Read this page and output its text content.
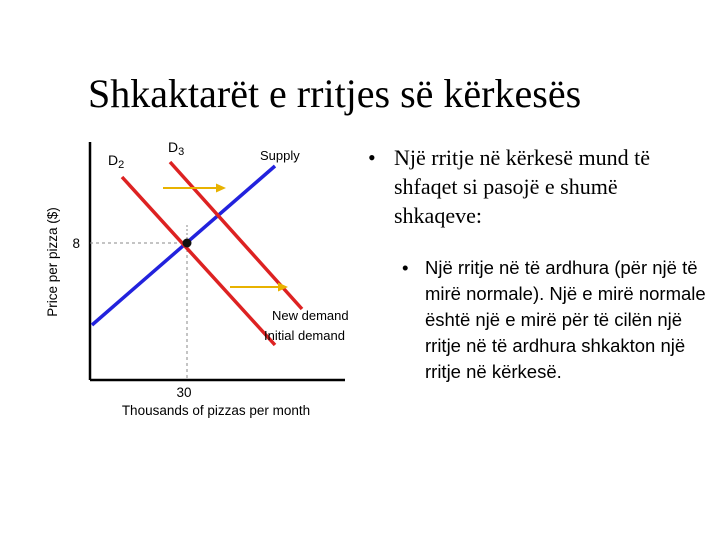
Shkaktarët e rritjes së kërkesës
Price per pizza ($) 8
30
Thousands of pizzas per month
$D_2$
$D_3$	Supply
New demand
Initial demand
• Një rritje në kërkesë mund të shfaqet si pasojë e shumë shkaqeve:
• Një rritje në të ardhura (për një të mirë normale). Një e mirë normale është një e mirë për të cilën një rritje në të ardhura shkakton një rritje në kërkesë.
